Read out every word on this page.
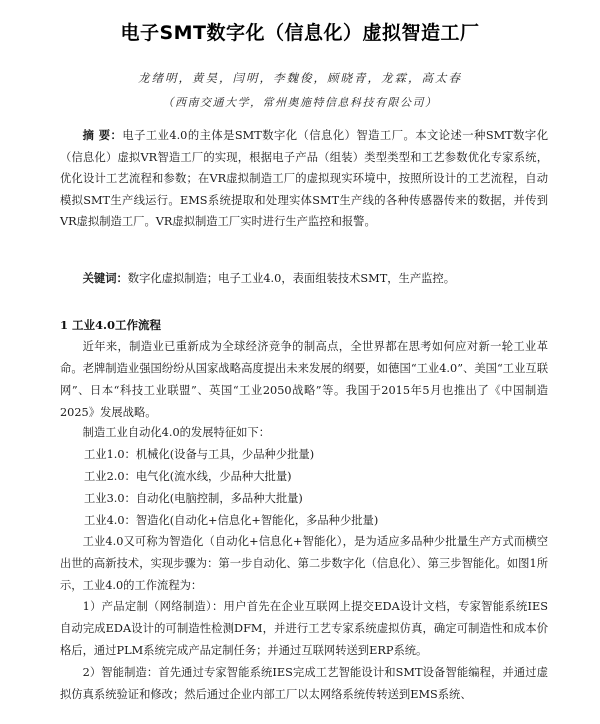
电子SMT数字化（信息化）虚拟智造工厂
龙绪明，黄昊，闫明，李魏俊，顾晓青，龙霖，高太春
（西南交通大学，常州奥施特信息科技有限公司）
摘 要：电子工业4.0的主体是SMT数字化（信息化）智造工厂。本文论述一种SMT数字化（信息化）虚拟VR智造工厂的实现，根据电子产品（组装）类型类型和工艺参数优化专家系统，优化设计工艺流程和参数；在VR虚拟制造工厂的虚拟现实环境中，按照所设计的工艺流程，自动模拟SMT生产线运行。EMS系统提取和处理实体SMT生产线的各种传感器传来的数据，并传到VR虚拟制造工厂。VR虚拟制造工厂实时进行生产监控和报警。
关键词：数字化虚拟制造；电子工业4.0，表面组装技术SMT，生产监控。
1 工业4.0工作流程
近年来，制造业已重新成为全球经济竞争的制高点，全世界都在思考如何应对新一轮工业革命。老牌制造业强国纷纷从国家战略高度提出未来发展的纲要，如德国“工业4.0”、美国“工业互联网”、日本“科技工业联盟”、英国“工业2050战略”等。我国于2015年5月也推出了《中国制造2025》发展战略。
制造工业自动化4.0的发展特征如下：
工业1.0：机械化(设备与工具，少品种少批量)
工业2.0：电气化(流水线，少品种大批量)
工业3.0：自动化(电脑控制，多品种大批量)
工业4.0：智造化(自动化+信息化+智能化，多品种少批量)
工业4.0又可称为智造化（自动化+信息化+智能化），是为适应多品种少批量生产方式而横空出世的高新技术，实现步骤为：第一步自动化、第二步数字化（信息化）、第三步智能化。如图1所示，工业4.0的工作流程为：
1）产品定制（网络制造）：用户首先在企业互联网上提交EDA设计文档，专家智能系统IES自动完成EDA设计的可制造性检测DFM，并进行工艺专家系统虚拟仿真，确定可制造性和成本价格后，通过PLM系统完成产品定制任务；并通过互联网转送到ERP系统。
2）智能制造：首先通过专家智能系统IES完成工艺智能设计和SMT设备智能编程，并通过虚拟仿真系统验证和修改；然后通过企业内部工厂以太网络系统传转送到EMS系统、
